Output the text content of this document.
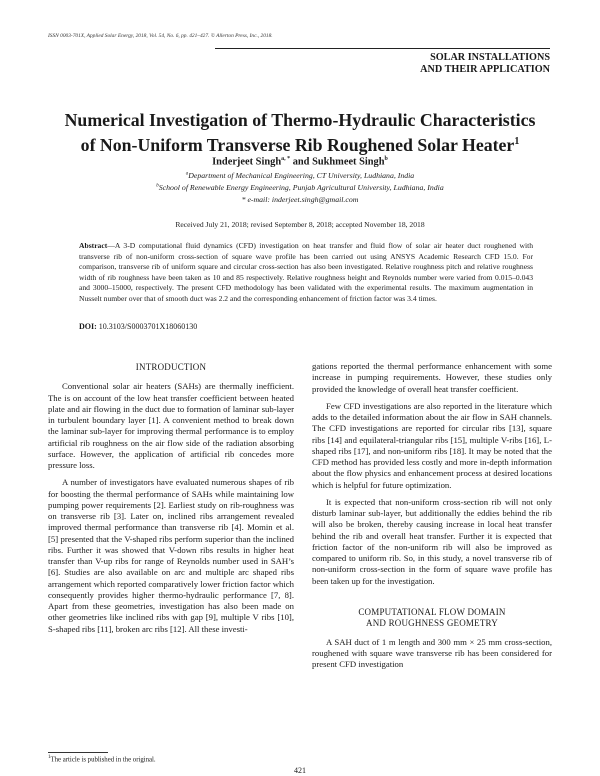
ISSN 0003-701X, Applied Solar Energy, 2018, Vol. 54, No. 6, pp. 421–427. © Allerton Press, Inc., 2018.
SOLAR INSTALLATIONS
AND THEIR APPLICATION
Numerical Investigation of Thermo-Hydraulic Characteristics
of Non-Uniform Transverse Rib Roughened Solar Heater$^1$
Inderjeet Singh$^{a, *}$ and Sukhmeet Singh$^b$
$^a$Department of Mechanical Engineering, CT University, Ludhiana, India
$^b$School of Renewable Energy Engineering, Punjab Agricultural University, Ludhiana, India
* e-mail: inderjeet.singh@gmail.com
Received July 21, 2018; revised September 8, 2018; accepted November 18, 2018
Abstract—A 3-D computational fluid dynamics (CFD) investigation on heat transfer and fluid flow of solar air heater duct roughened with transverse rib of non-uniform cross-section of square wave profile has been carried out using ANSYS Academic Research CFD 15.0. For comparison, transverse rib of uniform square and circular cross-section has also been investigated. Relative roughness pitch and relative roughness width of rib roughness have been taken as 10 and 85 respectively. Relative roughness height and Reynolds number were varied from 0.015–0.043 and 3000–15000, respectively. The present CFD methodology has been validated with the experimental results. The maximum augmentation in Nusselt number over that of smooth duct was 2.2 and the corresponding enhancement of friction factor was 3.4 times.
DOI: 10.3103/S0003701X18060130
INTRODUCTION

Conventional solar air heaters (SAHs) are thermally inefficient. The is on account of the low heat transfer coefficient between heated plate and air flowing in the duct due to formation of laminar sub-layer in turbulent boundary layer [1]. A convenient method to break down the laminar sub-layer for improving thermal performance is to employ artificial rib roughness on the air flow side of the radiation absorbing surface. However, the application of artificial rib concedes more pressure loss.

A number of investigators have evaluated numerous shapes of rib for boosting the thermal performance of SAHs while maintaining low pumping power requirements [2]. Earliest study on rib-roughness was on transverse rib [3]. Later on, inclined ribs arrangement revealed improved thermal performance than transverse rib [4]. Momin et al. [5] presented that the V-shaped ribs perform superior than the inclined ribs. Further it was showed that V-down ribs results in higher heat transfer than V-up ribs for range of Reynolds number used in SAH’s [6]. Studies are also available on arc and multiple arc shaped ribs arrangement which reported comparatively lower friction factor which consequently provides higher thermo-hydraulic performance [7, 8]. Apart from these geometries, investigation has also been made on other geometries like inclined ribs with gap [9], multiple V ribs [10], S-shaped ribs [11], broken arc ribs [12]. All these investi-

gations reported the thermal performance enhancement with some increase in pumping requirements. However, these studies only provided the knowledge of overall heat transfer coefficient.

Few CFD investigations are also reported in the literature which adds to the detailed information about the air flow in SAH channels. The CFD investigations are reported for circular ribs [13], square ribs [14] and equilateral-triangular ribs [15], multiple V-ribs [16], L-shaped ribs [17], and non-uniform ribs [18]. It may be noted that the CFD method has provided less costly and more in-depth information about the flow physics and enhancement process at desired locations which is helpful for future optimization.

It is expected that non-uniform cross-section rib will not only disturb laminar sub-layer, but additionally the eddies behind the rib will also be broken, thereby causing increase in local heat transfer behind the rib and overall heat transfer. Further it is expected that friction factor of the non-uniform rib will also be improved as compared to uniform rib. So, in this study, a novel transverse rib of non-uniform cross-section in the form of square wave profile has been taken up for the investigation.

COMPUTATIONAL FLOW DOMAIN
AND ROUGHNESS GEOMETRY

A SAH duct of 1 m length and 300 mm × 25 mm cross-section, roughened with square wave transverse rib has been considered for present CFD investigation

$^1$The article is published in the original.
421
